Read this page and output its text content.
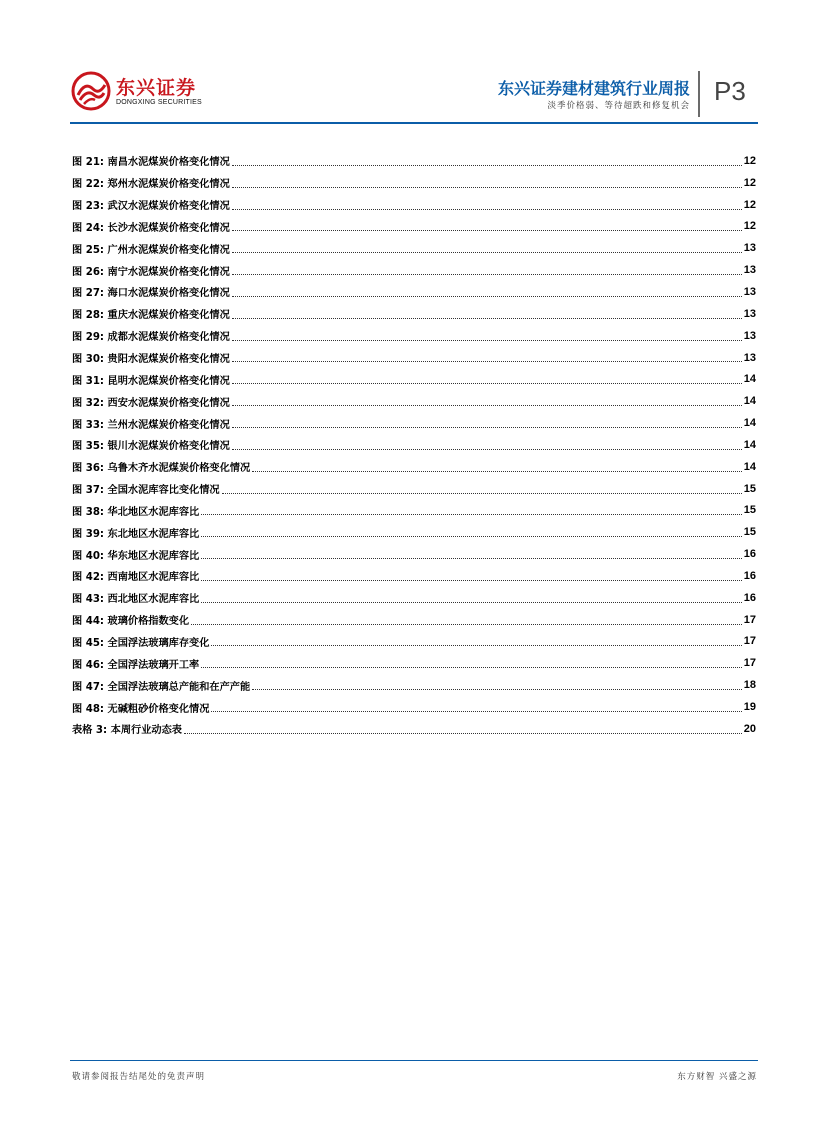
东兴证券
DONGXING SECURITIES
东兴证券建材建筑行业周报
淡季价格弱、等待超跌和修复机会 P3
图 21: 南昌水泥煤炭价格变化情况	12
图 22: 郑州水泥煤炭价格变化情况	12
图 23: 武汉水泥煤炭价格变化情况	12
图 24: 长沙水泥煤炭价格变化情况	12
图 25: 广州水泥煤炭价格变化情况	13
图 26: 南宁水泥煤炭价格变化情况	13
图 27: 海口水泥煤炭价格变化情况	13
图 28: 重庆水泥煤炭价格变化情况	13
图 29: 成都水泥煤炭价格变化情况	13
图 30: 贵阳水泥煤炭价格变化情况	13
图 31: 昆明水泥煤炭价格变化情况	14
图 32: 西安水泥煤炭价格变化情况	14
图 33: 兰州水泥煤炭价格变化情况	14
图 35: 银川水泥煤炭价格变化情况	14
图 36: 乌鲁木齐水泥煤炭价格变化情况	14
图 37: 全国水泥库容比变化情况	15
图 38: 华北地区水泥库容比	15
图 39: 东北地区水泥库容比	15
图 40: 华东地区水泥库容比	16
图 42: 西南地区水泥库容比	16
图 43: 西北地区水泥库容比	16
图 44: 玻璃价格指数变化	17
图 45: 全国浮法玻璃库存变化	17
图 46: 全国浮法玻璃开工率	17
图 47: 全国浮法玻璃总产能和在产产能	18
图 48: 无碱粗砂价格变化情况	19
表格 3: 本周行业动态表	20
敬请参阅报告结尾处的免责声明	东方财智 兴盛之源
